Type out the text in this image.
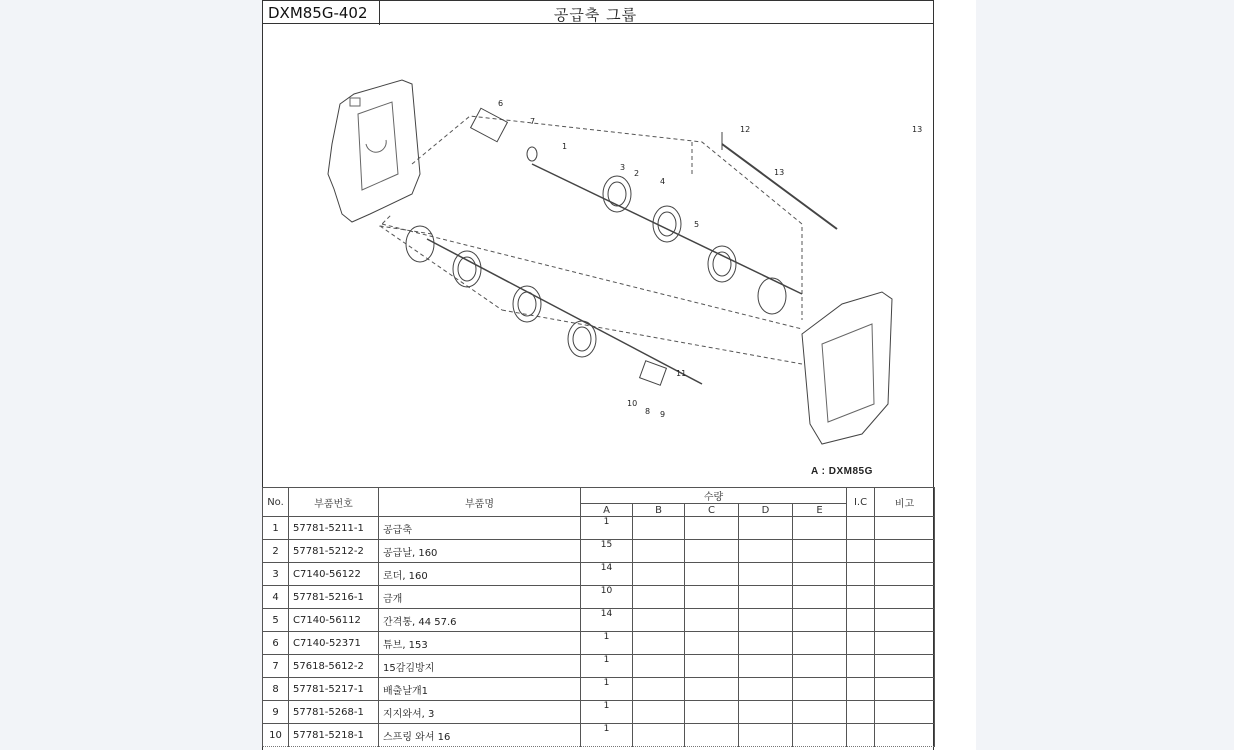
DXM85G-402	공급축 그룹
6
7
1
3
2
4
5
13
12
13
10
8 9
11
A : DXM85G
No.	부품번호	부품명	수량					I.C	비고
			A	B	C	D	E		
1	57781-5211-1	공급축	1						
2	57781-5212-2	공급날, 160	15						
3	C7140-56122	로더, 160	14						
4	57781-5216-1	금개	10						
5	C7140-56112	간격통, 44 57.6	14						
6	C7140-52371	튜브, 153	1						
7	57618-5612-2	15감김방지	1						
8	57781-5217-1	배출날개1	1						
9	57781-5268-1	지지와셔, 3	1						
10	57781-5218-1	스프링 와셔 16	1						
